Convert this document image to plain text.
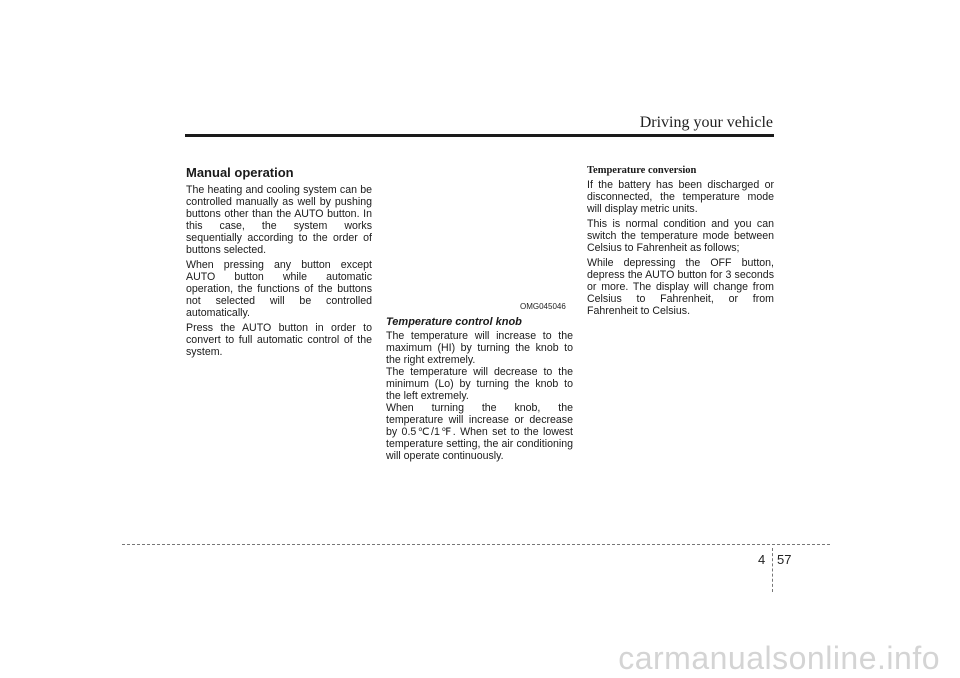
Driving your vehicle
Manual operation

The heating and cooling system can be controlled manually as well by pushing buttons other than the AUTO button. In this case, the system works sequentially according to the order of buttons selected.

When pressing any button except AUTO button while automatic operation, the functions of the buttons not selected will be controlled automatically.

Press the AUTO button in order to convert to full automatic control of the system.

OMG045046
Temperature control knob

The temperature will increase to the maximum (HI) by turning the knob to the right extremely.

The temperature will decrease to the minimum (Lo) by turning the knob to the left extremely.

When turning the knob, the temperature will increase or decrease by 0.5℃/1℉. When set to the lowest temperature setting, the air conditioning will operate continuously.

Temperature conversion

If the battery has been discharged or disconnected, the temperature mode will display metric units.

This is normal condition and you can switch the temperature mode between Celsius to Fahrenheit as follows;

While depressing the OFF button, depress the AUTO button for 3 seconds or more. The display will change from Celsius to Fahrenheit, or from Fahrenheit to Celsius.

4 57
carmanualsonline.info
